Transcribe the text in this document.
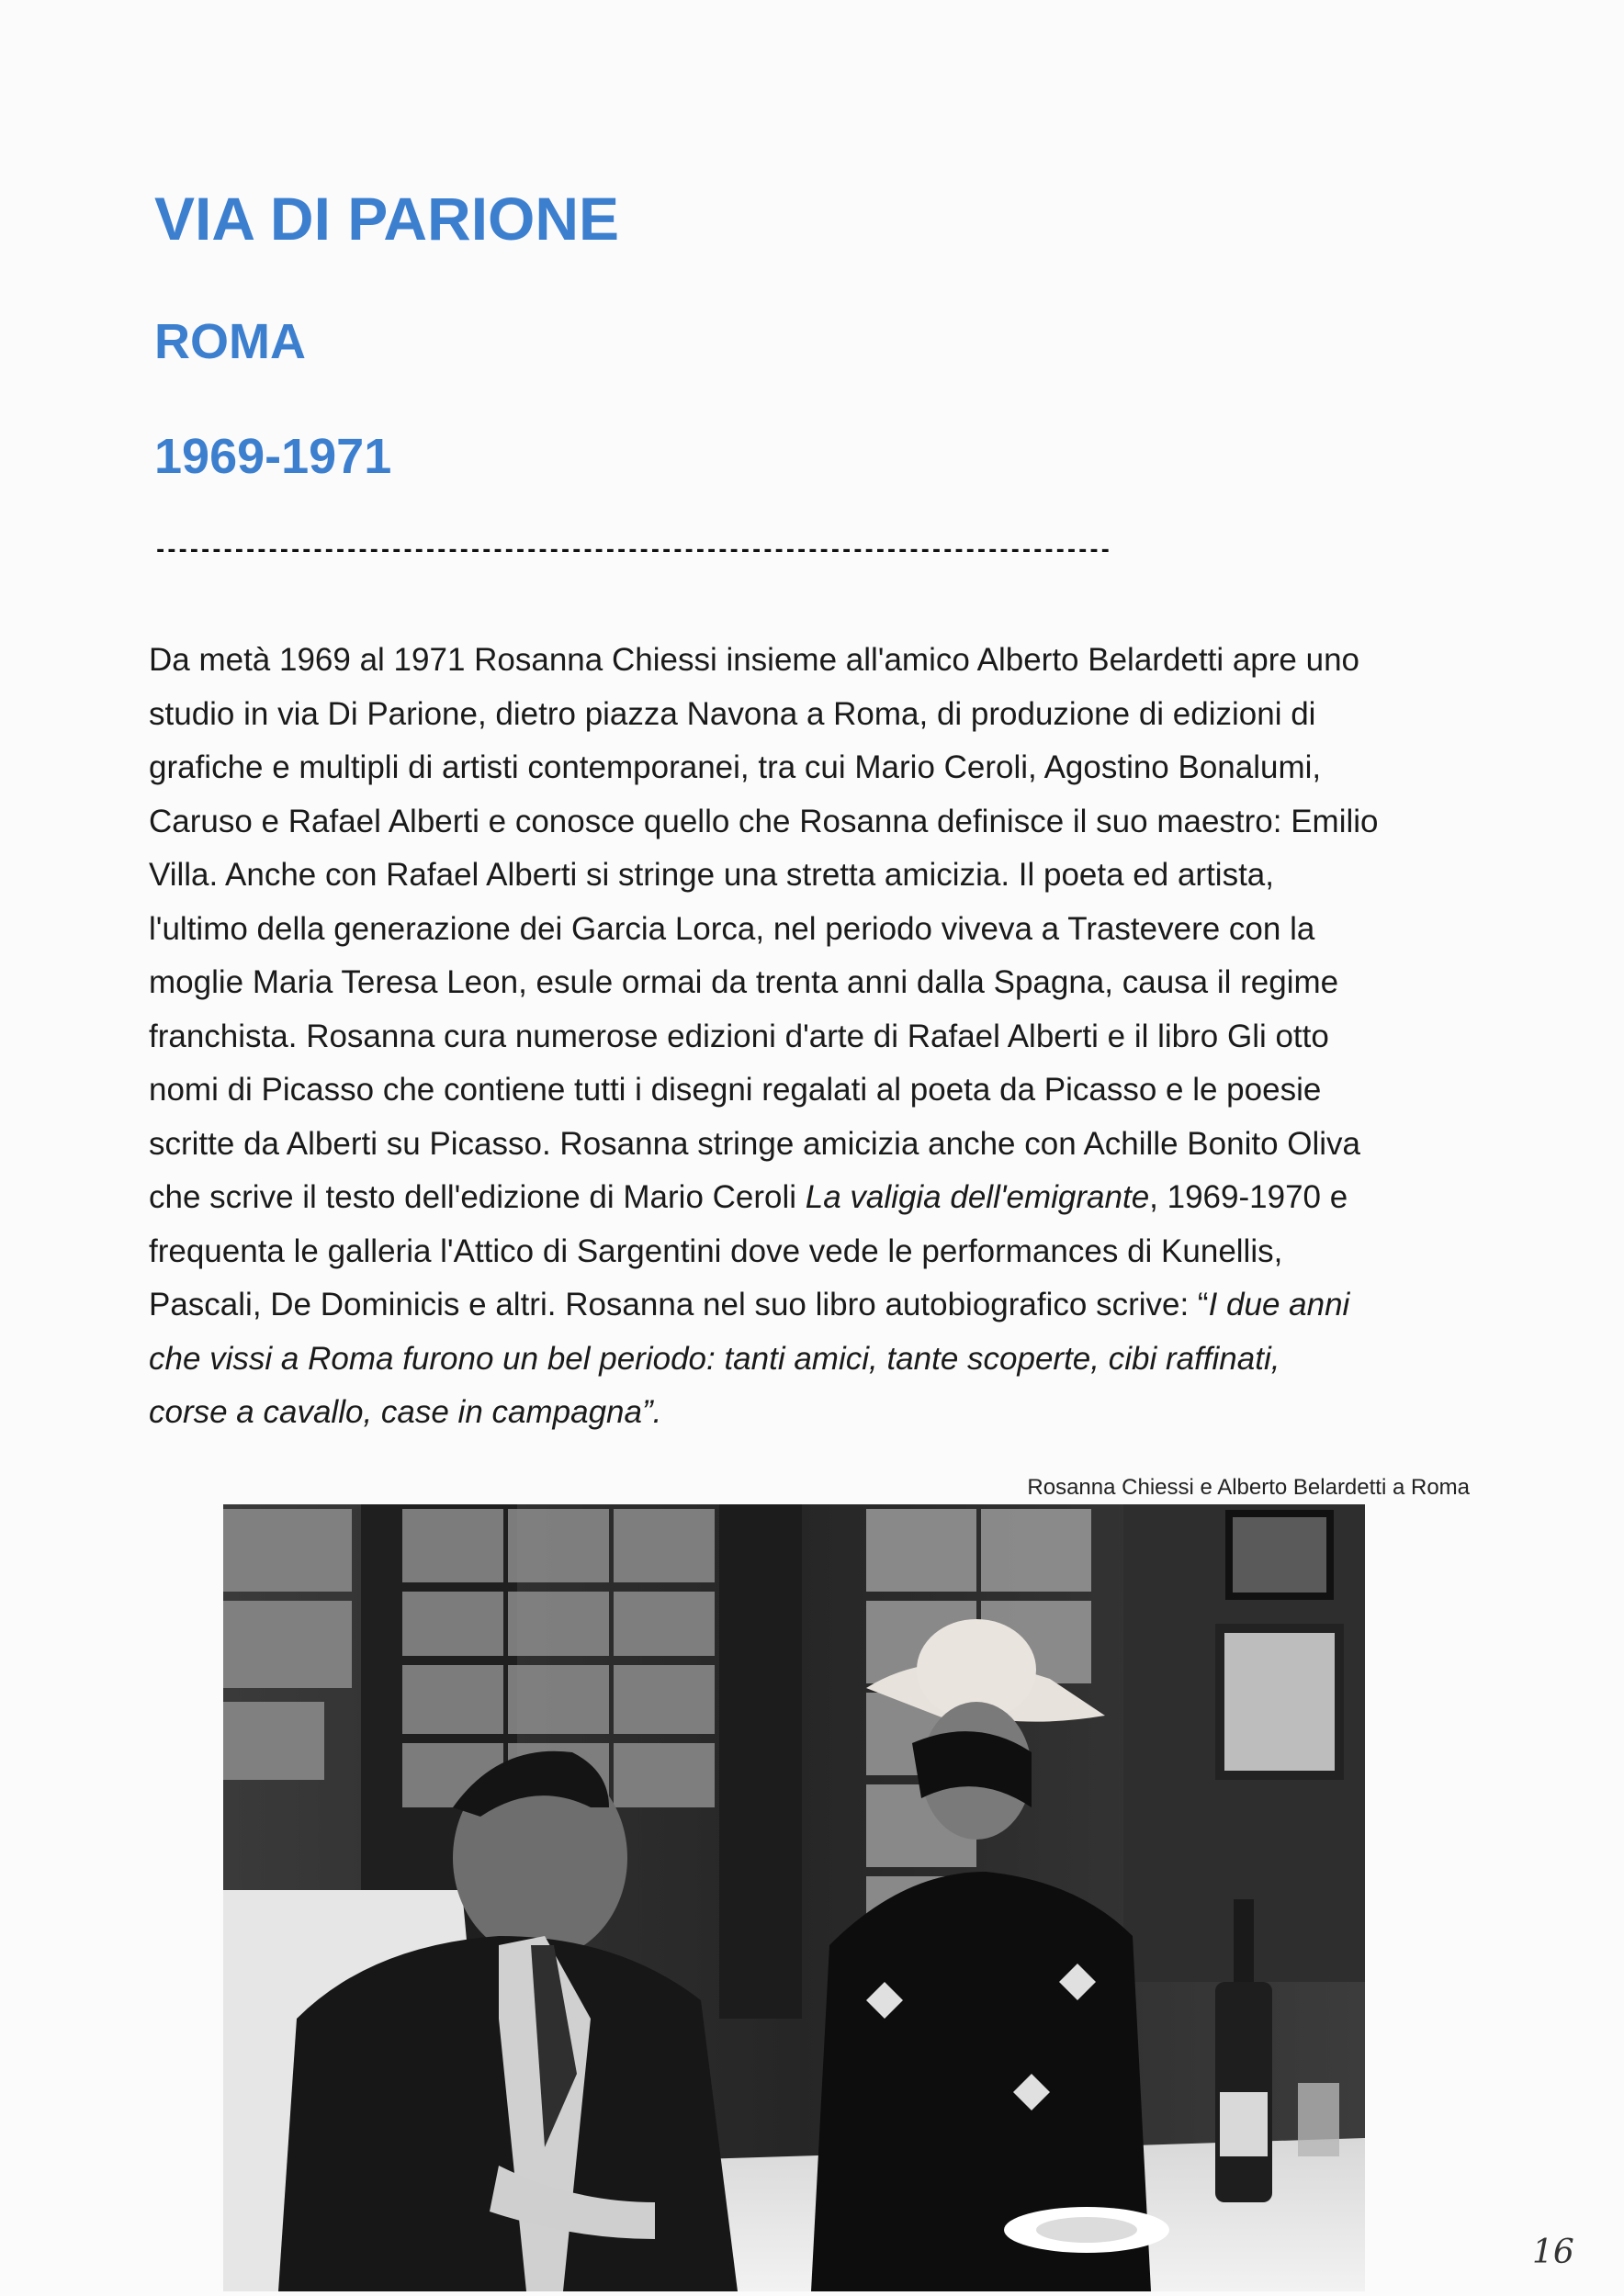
VIA DI PARIONE
ROMA
1969-1971
-------------------------------------------------------------------------------------
Da metà 1969 al 1971 Rosanna Chiessi insieme all'amico Alberto Belardetti apre uno
studio in via Di Parione, dietro piazza Navona a Roma, di produzione di edizioni di
grafiche e multipli di artisti contemporanei, tra cui Mario Ceroli, Agostino Bonalumi,
Caruso e Rafael Alberti e conosce quello che Rosanna definisce il suo maestro: Emilio
Villa. Anche con Rafael Alberti si stringe una stretta amicizia. Il poeta ed artista,
l'ultimo della generazione dei Garcia Lorca, nel periodo viveva a Trastevere con la
moglie Maria Teresa Leon, esule ormai da trenta anni dalla Spagna, causa il regime
franchista. Rosanna cura numerose edizioni d'arte di Rafael Alberti e il libro Gli otto
nomi di Picasso che contiene tutti i disegni regalati al poeta da Picasso e le poesie
scritte da Alberti su Picasso. Rosanna stringe amicizia anche con Achille Bonito Oliva
che scrive il testo dell'edizione di Mario Ceroli La valigia dell'emigrante, 1969-1970 e
frequenta le galleria l'Attico di Sargentini dove vede le performances di Kunellis,
Pascali, De Dominicis e altri. Rosanna nel suo libro autobiografico scrive: “I due anni
che vissi a Roma furono un bel periodo: tanti amici, tante scoperte, cibi raffinati,
corse a cavallo, case in campagna”.
Rosanna Chiessi e Alberto Belardetti a Roma
16
